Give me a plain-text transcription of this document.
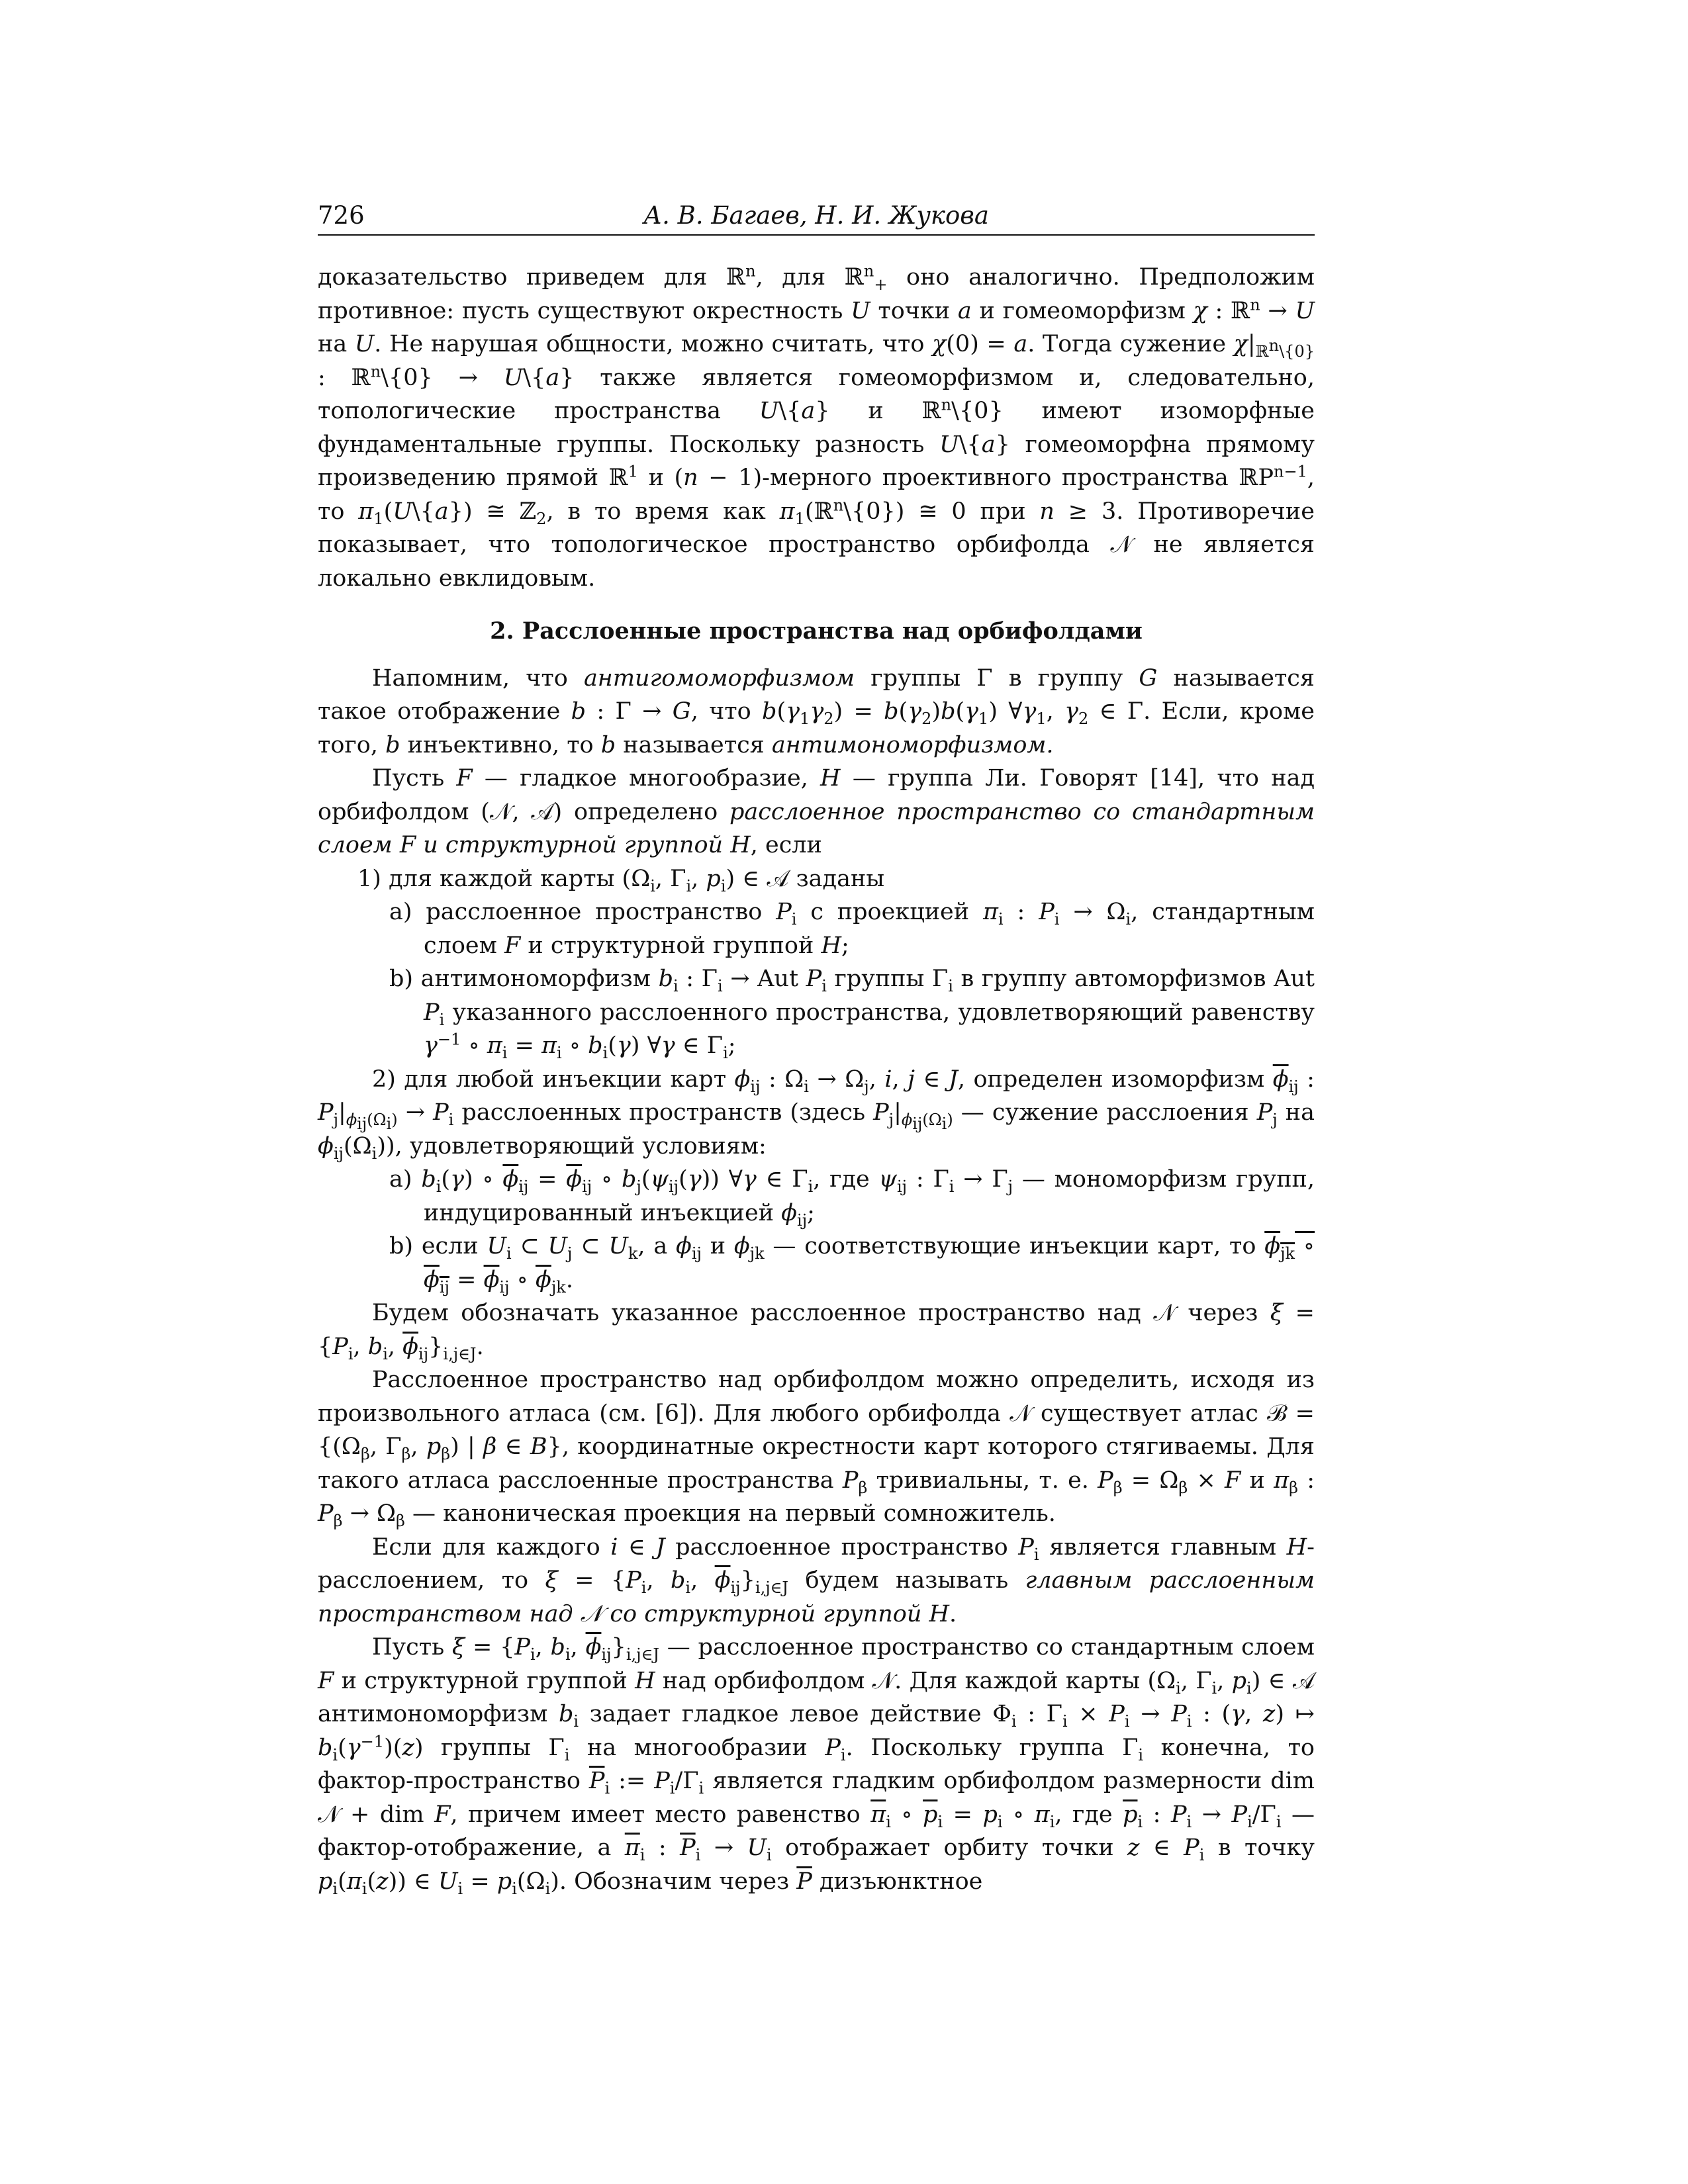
726	А. В. Багаев, Н. И. Жукова

доказательство приведем для ℝ$^n$, для ℝ$^n_+$ оно аналогично. Предположим противное: пусть существуют окрестность U точки a и гомеоморфизм χ : ℝ$^n$ → U на U. Не нарушая общности, можно считать, что χ(0) = a. Тогда сужение $\chi|_{ℝ^n\backslash\{0\}}$ : ℝ$^n$\{0} → U\{a} также является гомеоморфизмом и, следовательно, топологические пространства U\{a} и ℝ$^n$\{0} имеют изоморфные фундаментальные группы. Поскольку разность U\{a} гомеоморфна прямому произведению прямой ℝ$^1$ и (n − 1)-мерного проективного пространства ℝP$^{n-1}$, то $\pi_1(U\backslash\{a\})$ ≅ ℤ$_2$, в то время как $\pi_1(ℝ^n\backslash\{0\})$ ≅ 0 при n ≥ 3. Противоречие показывает, что топологическое пространство орбифолда 𝒩 не является локально евклидовым.

2. Расслоенные пространства над орбифолдами

Напомним, что антигомоморфизмом группы Γ в группу G называется такое отображение b : Γ → G, что $b(\gamma_1\gamma_2) = b(\gamma_2)b(\gamma_1)$ $\forall\gamma_1$, $\gamma_2$ ∈ Γ. Если, кроме того, b инъективно, то b называется антимономорфизмом.

Пусть F — гладкое многообразие, H — группа Ли. Говорят [14], что над орбифолдом (𝒩, 𝒜) определено расслоенное пространство со стандартным слоем F и структурной группой H, если

1) для каждой карты ($\Omega_i$, $\Gamma_i$, $p_i$) ∈ 𝒜 заданы

a) расслоенное пространство $P_i$ с проекцией $\pi_i$ : $P_i \to \Omega_i$, стандартным слоем F и структурной группой H;

b) антимономорфизм $b_i$ : $\Gamma_i$ → Aut $P_i$ группы $\Gamma_i$ в группу автоморфизмов Aut $P_i$ указанного расслоенного пространства, удовлетворяющий равенству $\gamma^{-1}$ ∘ $\pi_i = \pi_i$ ∘ $b_i(\gamma)$ ∀γ ∈ $\Gamma_i$;

2) для любой инъекции карт $\phi_{ij}$ : $\Omega_i \to \Omega_j$, i, j ∈ J, определен изоморфизм $\overline{\phi}_{ij}$ : $P_j|_{\phi_{ij}(\Omega_i)} \to P_i$ расслоенных пространств (здесь $P_j|_{\phi_{ij}(\Omega_i)}$ — сужение расслоения $P_j$ на $\phi_{ij}(\Omega_i)$), удовлетворяющий условиям:

a) $b_i(\gamma)$ ∘ $\overline{\phi}_{ij} = \overline{\phi}_{ij}$ ∘ $b_j(\psi_{ij}(\gamma))$ ∀γ ∈ $\Gamma_i$, где $\psi_{ij}$ : $\Gamma_i \to \Gamma_j$ — мономорфизм групп, индуцированный инъекцией $\phi_{ij}$;

b) если $U_i$ ⊂ $U_j$ ⊂ $U_k$, а $\phi_{ij}$ и $\phi_{jk}$ — соответствующие инъекции карт, то $\phi_{jk}$ ∘ $\phi_{ij} = \overline{\phi}_{ij}$ ∘ $\overline{\phi}_{jk}$.

Будем обозначать указанное расслоенное пространство над 𝒩 через $\xi = \{P_i$, $b_i$, $\overline{\phi}_{ij}\}_{i,j\in J}$.

Расслоенное пространство над орбифолдом можно определить, исходя из произвольного атласа (см. [6]). Для любого орбифолда 𝒩 существует атлас ℬ = {($\Omega_\beta$, $\Gamma_\beta$, $p_\beta$) | β ∈ B}, координатные окрестности карт которого стягиваемы. Для такого атласа расслоенные пространства $P_\beta$ тривиальны, т. е. $P_\beta = \Omega_\beta \times F$ и $\pi_\beta$ : $P_\beta \to \Omega_\beta$ — каноническая проекция на первый сомножитель.

Если для каждого i ∈ J расслоенное пространство $P_i$ является главным H-расслоением, то $\xi = \{P_i$, $b_i$, $\overline{\phi}_{ij}\}_{i,j\in J}$ будем называть главным расслоенным пространством над 𝒩 со структурной группой H.

Пусть $\xi = \{P_i$, $b_i$, $\overline{\phi}_{ij}\}_{i,j\in J}$ — расслоенное пространство со стандартным слоем F и структурной группой H над орбифолдом 𝒩. Для каждой карты ($\Omega_i$, $\Gamma_i$, $p_i$) ∈ 𝒜 антимономорфизм $b_i$ задает гладкое левое действие $\Phi_i$ : $\Gamma_i \times P_i \to P_i$ : (γ, z) ↦ $b_i(\gamma^{-1})(z)$ группы $\Gamma_i$ на многообразии $P_i$. Поскольку группа $\Gamma_i$ конечна, то фактор-пространство $\overline{P}_i$ := $P_i/\Gamma_i$ является гладким орбифолдом размерности dim 𝒩 + dim F, причем имеет место равенство $\overline{\pi}_i$ ∘ $\overline{p}_i = p_i$ ∘ $\pi_i$, где $\overline{p}_i$ : $P_i \to P_i/\Gamma_i$ — фактор-отображение, а $\overline{\pi}_i$ : $\overline{P}_i \to U_i$ отображает орбиту точки z ∈ $P_i$ в точку $p_i(\pi_i(z))$ ∈ $U_i = p_i(\Omega_i)$. Обозначим через $\overline{P}$ дизъюнктное
